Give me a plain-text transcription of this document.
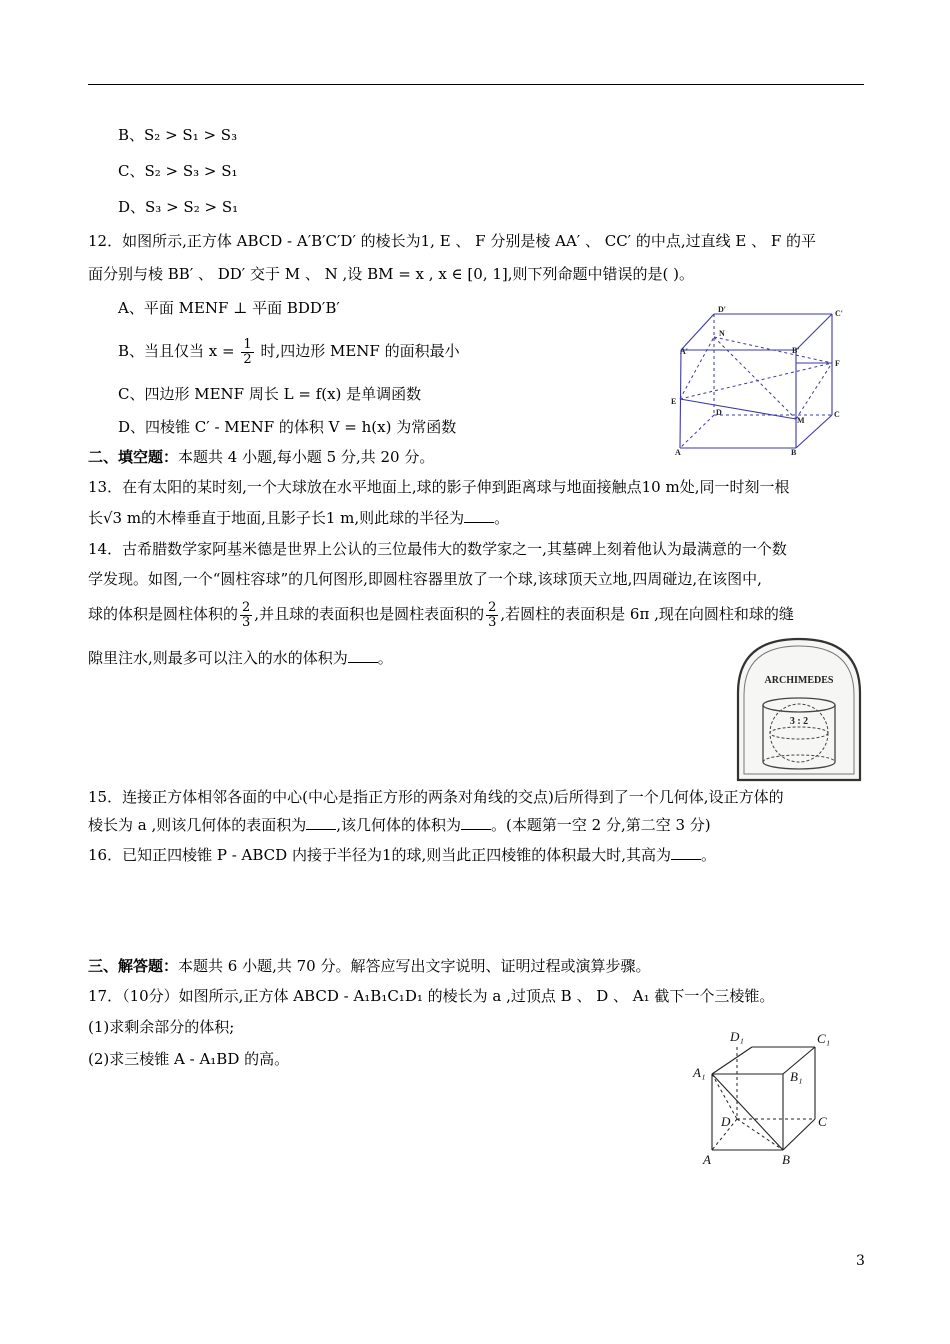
B、S₂ > S₁ > S₃
C、S₂ > S₃ > S₁
D、S₃ > S₂ > S₁
12．如图所示,正方体 ABCD - A′B′C′D′ 的棱长为1, E 、 F 分别是棱 AA′ 、 CC′ 的中点,过直线 E 、 F 的平
面分别与棱 BB′ 、 DD′ 交于 M 、 N ,设 BM = x , x ∈ [0, 1],则下列命题中错误的是( )。
A、平面 MENF ⊥ 平面 BDD′B′
B、当且仅当 $x = \frac{1}{2}$ 时,四边形 MENF 的面积最小
C、四边形 MENF 周长 L = f(x) 是单调函数
D、四棱锥 C′ - MENF 的体积 V = h(x) 为常函数
D′	C′
N
A′	B′
F
E
D	C
M
A	B
二、填空题：本题共 4 小题,每小题 5 分,共 20 分。
13．在有太阳的某时刻,一个大球放在水平地面上,球的影子伸到距离球与地面接触点10 m处,同一时刻一根
长√3 m的木棒垂直于地面,且影子长1 m,则此球的半径为 。
14．古希腊数学家阿基米德是世界上公认的三位最伟大的数学家之一,其墓碑上刻着他认为最满意的一个数
学发现。如图,一个“圆柱容球”的几何图形,即圆柱容器里放了一个球,该球顶天立地,四周碰边,在该图中,
球的体积是圆柱体积的 $\frac{2}{3}$ ,并且球的表面积也是圆柱表面积的 $\frac{2}{3}$ ,若圆柱的表面积是 6π ,现在向圆柱和球的缝
隙里注水,则最多可以注入的水的体积为 。
ARCHIMEDES
3 : 2
15．连接正方体相邻各面的中心(中心是指正方形的两条对角线的交点)后所得到了一个几何体,设正方体的
棱长为 a ,则该几何体的表面积为 ,该几何体的体积为 。(本题第一空 2 分,第二空 3 分)
16．已知正四棱锥 P - ABCD 内接于半径为1的球,则当此正四棱锥的体积最大时,其高为 。
三、解答题：本题共 6 小题,共 70 分。解答应写出文字说明、证明过程或演算步骤。
17．（10分）如图所示,正方体 ABCD - A₁B₁C₁D₁ 的棱长为 a ,过顶点 B 、 D 、 A₁ 截下一个三棱锥。
(1)求剩余部分的体积;
(2)求三棱锥 A - A₁BD 的高。
D₁	C₁
A₁	B₁
D	C
A	B
3
